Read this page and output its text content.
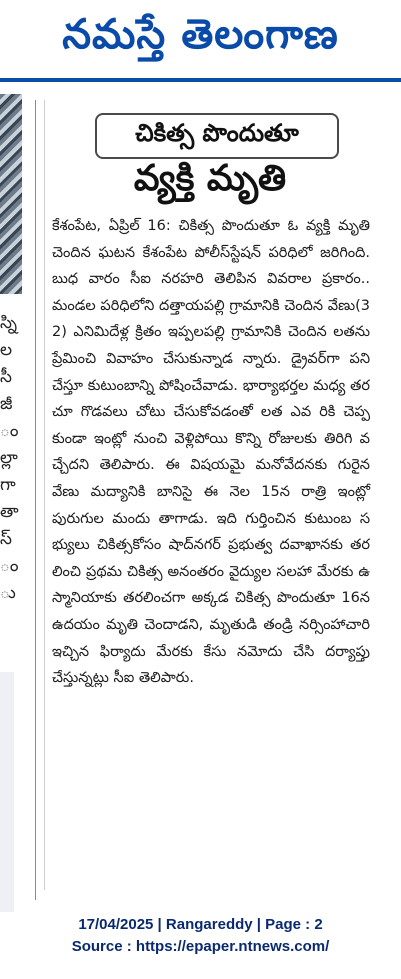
నమస్తే తెలంగాణ
స్ని
ల
సీ
జీ
ం
ల్లా
గా
తా
స్
ం
ు
చికిత్స పొందుతూ
వ్యక్తి మృతి

కేశంపేట, ఏప్రిల్ 16: చికిత్స పొందుతూ ఓ వ్యక్తి మృతి చెందిన ఘటన కేశంపేట పోలీస్‌స్టేషన్ పరిధిలో జరిగింది. బుధ వారం సీఐ నరహరి తెలిపిన వివరాల ప్రకారం.. మండల పరిధిలోని దత్తాయపల్లి గ్రామానికి చెందిన వేణు(32) ఎనిమిదేళ్ల క్రితం ఇప్పలపల్లి గ్రామానికి చెందిన లతను ప్రేమించి వివాహం చేసుకున్నాడ న్నారు. డ్రైవర్‌గా పని చేస్తూ కుటుంబాన్ని పోషించేవాడు. భార్యాభర్తల మధ్య తరచూ గొడవలు చోటు చేసుకోవడంతో లత ఎవ రికి చెప్పకుండా ఇంట్లో నుంచి వెళ్లిపోయి కొన్ని రోజులకు తిరిగి వచ్చేదని తెలిపారు. ఈ విషయమై మనోవేదనకు గురైన వేణు మద్యానికి బానిసై ఈ నెల 15న రాత్రి ఇంట్లో పురుగుల మందు తాగాడు. ఇది గుర్తించిన కుటుంబ సభ్యులు చికిత్సకోసం షాద్‌నగర్ ప్రభుత్వ దవాఖానకు తరలించి ప్రథమ చికిత్స అనంతరం వైద్యుల సలహా మేరకు ఉస్మానియాకు తరలించగా అక్కడ చికిత్స పొందుతూ 16న ఉదయం మృతి చెందాడని, మృతుడి తండ్రి నర్సింహాచారి ఇచ్చిన ఫిర్యాదు మేరకు కేసు నమోదు చేసి దర్యాప్తు చేస్తున్నట్లు సీఐ తెలిపారు.

17/04/2025 | Rangareddy | Page : 2
Source : https://epaper.ntnews.com/
